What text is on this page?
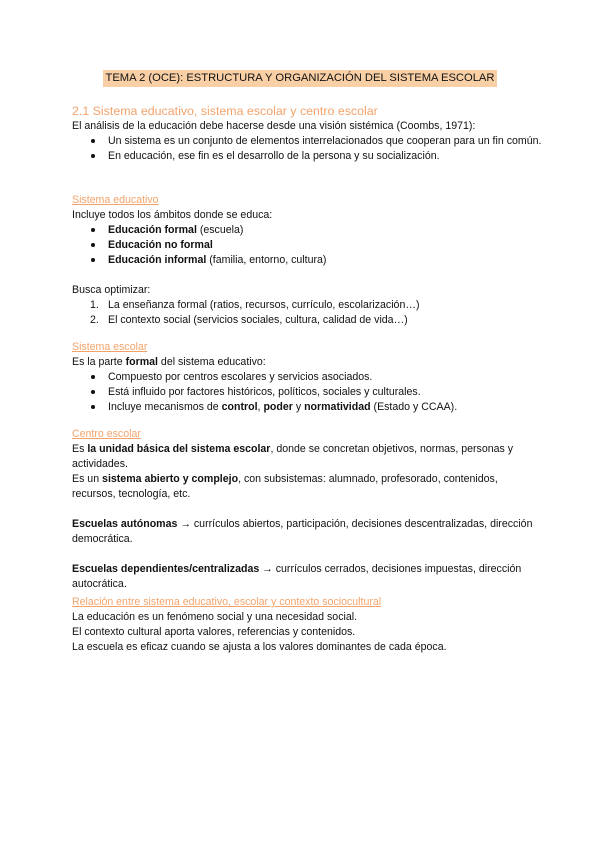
TEMA 2 (OCE): ESTRUCTURA Y ORGANIZACIÓN DEL SISTEMA ESCOLAR

2.1 Sistema educativo, sistema escolar y centro escolar

El análisis de la educación debe hacerse desde una visión sistémica (Coombs, 1971):

Un sistema es un conjunto de elementos interrelacionados que cooperan para un fin común.
En educación, ese fin es el desarrollo de la persona y su socialización.

Sistema educativo

Incluye todos los ámbitos donde se educa:

Educación formal (escuela)
Educación no formal
Educación informal (familia, entorno, cultura)

Busca optimizar:

1. La enseñanza formal (ratios, recursos, currículo, escolarización…)
2. El contexto social (servicios sociales, cultura, calidad de vida…)

Sistema escolar

Es la parte formal del sistema educativo:

Compuesto por centros escolares y servicios asociados.
Está influido por factores históricos, políticos, sociales y culturales.
Incluye mecanismos de control, poder y normatividad (Estado y CCAA).

Centro escolar

Es la unidad básica del sistema escolar, donde se concretan objetivos, normas, personas y actividades.

Es un sistema abierto y complejo, con subsistemas: alumnado, profesorado, contenidos, recursos, tecnología, etc.

Escuelas autónomas → currículos abiertos, participación, decisiones descentralizadas, dirección democrática.

Escuelas dependientes/centralizadas → currículos cerrados, decisiones impuestas, dirección autocrática.

Relación entre sistema educativo, escolar y contexto sociocultural

La educación es un fenómeno social y una necesidad social.

El contexto cultural aporta valores, referencias y contenidos.

La escuela es eficaz cuando se ajusta a los valores dominantes de cada época.
